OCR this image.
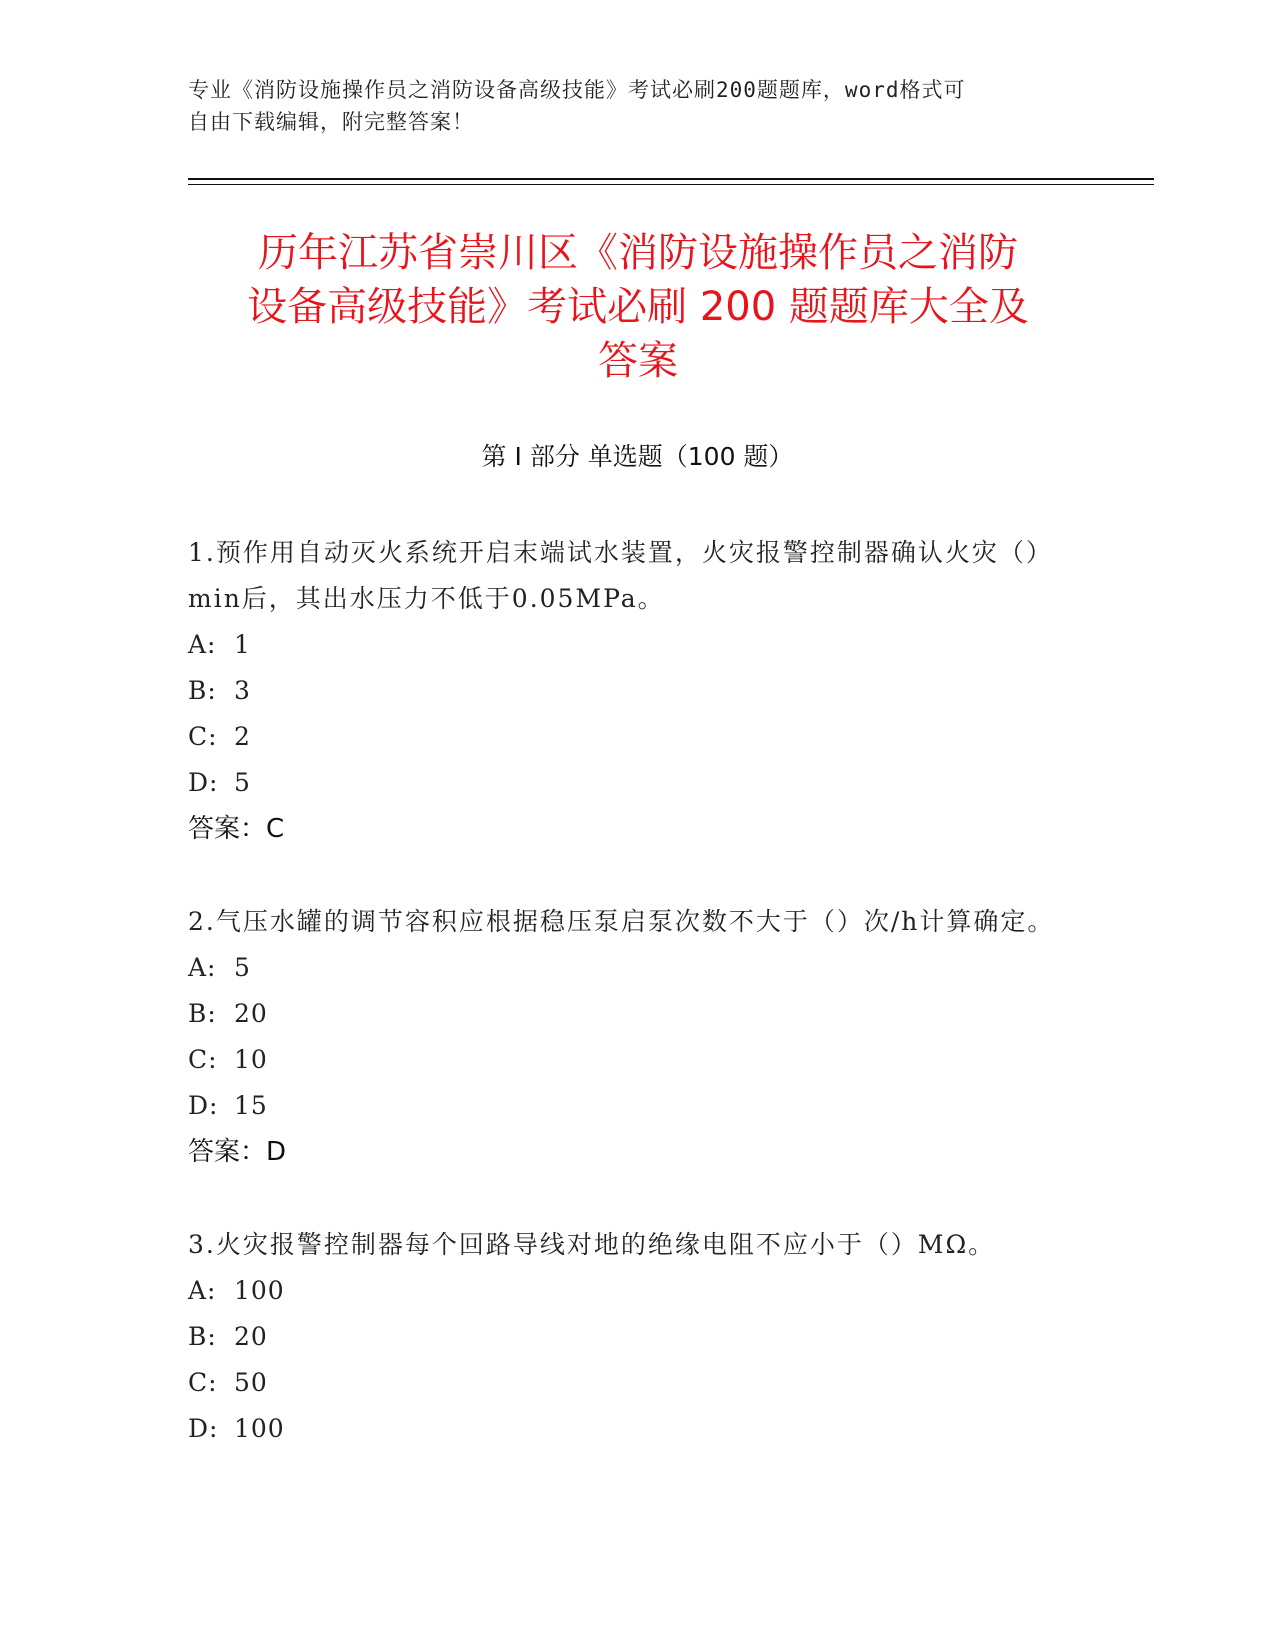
专业《消防设施操作员之消防设备高级技能》考试必刷200题题库，word格式可
自由下载编辑，附完整答案！
历年江苏省崇川区《消防设施操作员之消防
设备高级技能》考试必刷 200 题题库大全及
答案
第 I 部分 单选题（100 题）
1.预作用自动灭火系统开启末端试水装置，火灾报警控制器确认火灾（）min后，其出水压力不低于0.05MPa。
A: 1
B: 3
C: 2
D: 5
答案：C
2.气压水罐的调节容积应根据稳压泵启泵次数不大于（）次/h计算确定。
A: 5
B: 20
C: 10
D: 15
答案：D
3.火灾报警控制器每个回路导线对地的绝缘电阻不应小于（）MΩ。
A: 100
B: 20
C: 50
D: 100
